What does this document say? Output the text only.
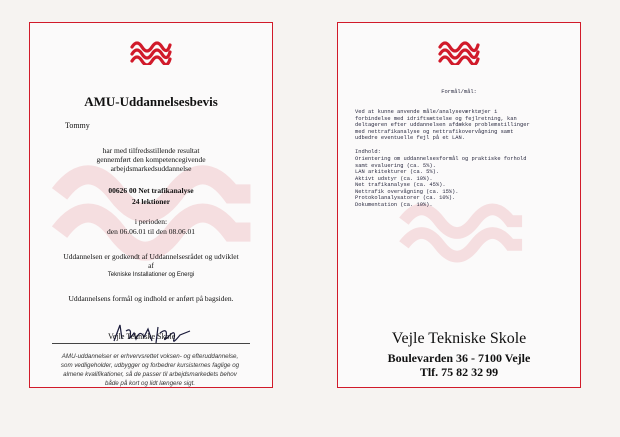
AMU-Uddannelsesbevis
Tommy
har med tilfredsstillende resultat
gennemført den kompetencegivende
arbejdsmarkedsuddannelse
00626 00 Net trafikanalyse
24 lektioner
i perioden:
den 06.06.01 til den 08.06.01
Uddannelsen er godkendt af Uddannelsesrådet og udviklet
af
Tekniske Installationer og Energi
Uddannelsens formål og indhold er anført på bagsiden.
Vejle Tekniske Skole
AMU-uddannelser er erhvervsrettet voksen- og efteruddannelse,
som vedligeholder, udbygger og forbedrer kursisternes faglige og
almene kvalifikationer, så de passer til arbejdsmarkedets behov
både på kort og lidt længere sigt.
Formål/mål:
Ved at kunne anvende måle/analyseværktøjer i
forbindelse med idriftsættelse og fejlretning, kan
deltageren efter uddannelsen afdække problemstillinger
med nettrafikanalyse og nettrafikovervågning samt
udbedre eventuelle fejl på et LAN.
Indhold:
Orientering om uddannelsesformål og praktiske forhold
samt evaluering (ca. 5%).
LAN arkitekturer (ca. 5%).
Aktivt udstyr (ca. 10%).
Net trafikanalyse (ca. 45%).
Nettrafik overvågning (ca. 15%).
Protokolanalysatorer (ca. 10%).
Dokumentation (ca. 10%).
Vejle Tekniske Skole
Boulevarden 36 - 7100 Vejle
Tlf. 75 82 32 99
